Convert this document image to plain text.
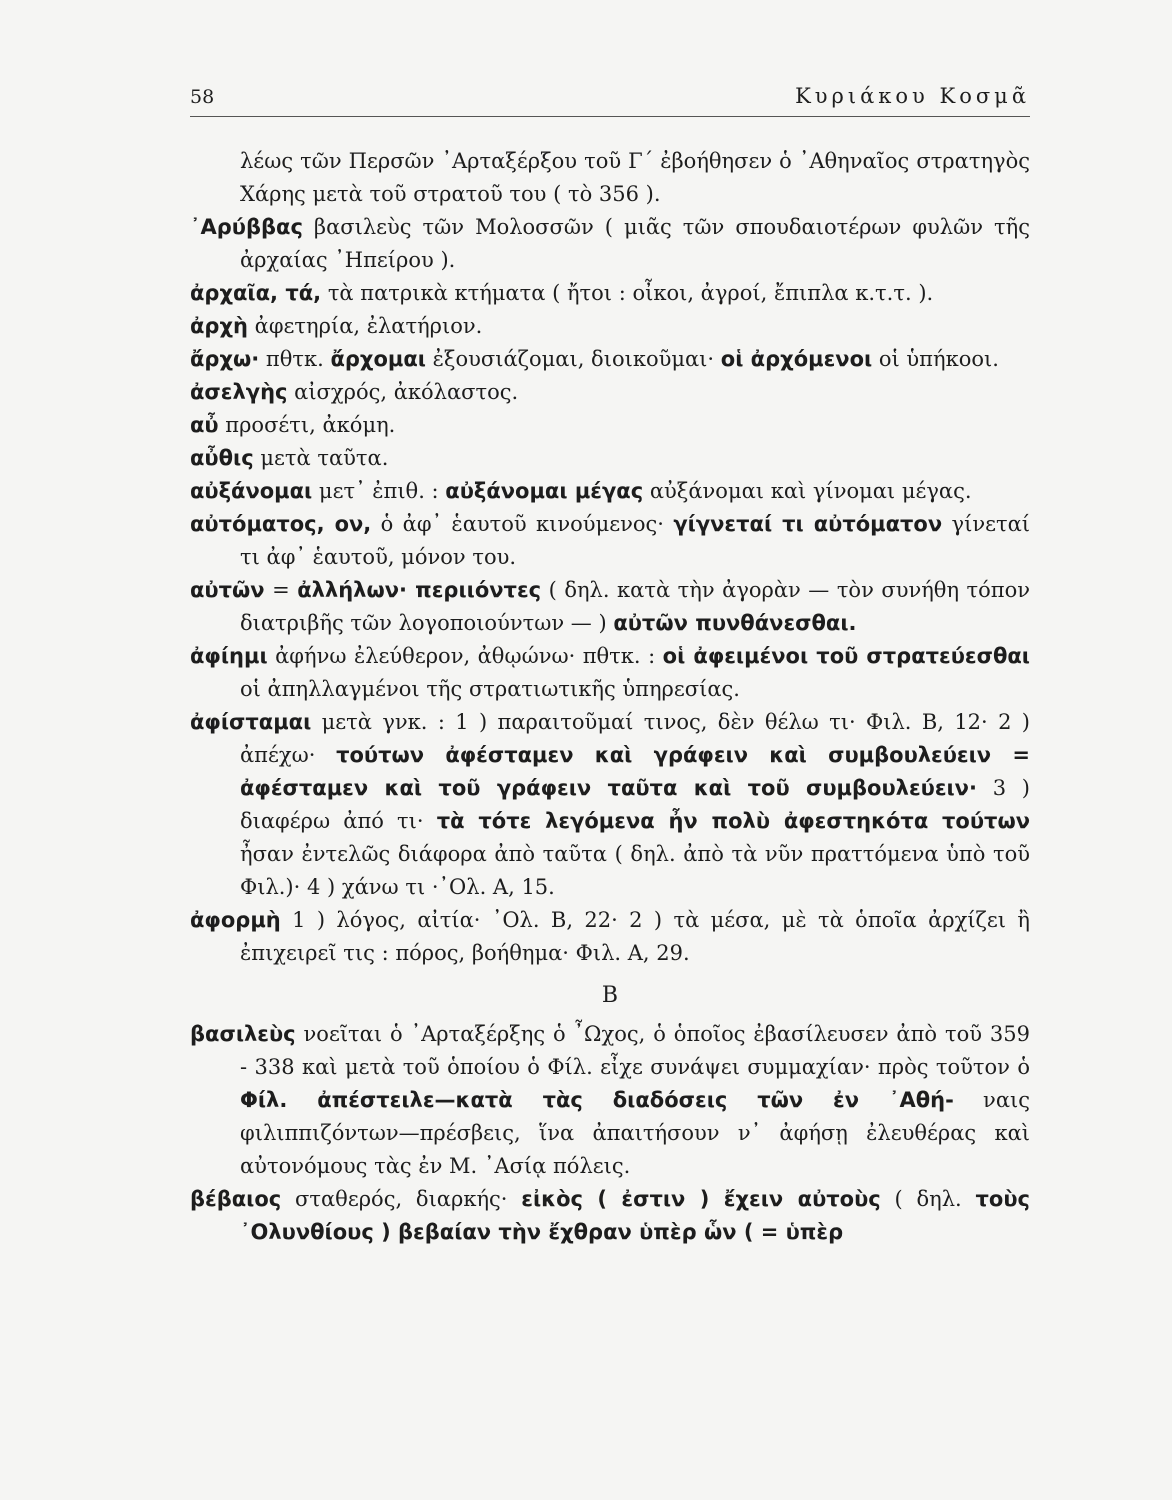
58	Κυριάκου Κοσμᾶ

λέως τῶν Περσῶν ᾿Αρταξέρξου τοῦ Γ΄ ἐβοήθησεν ὁ ᾿Αθηναῖος στρατηγὸς Χάρης μετὰ τοῦ στρατοῦ του ( τὸ 356 ).

᾿Αρύββας βασιλεὺς τῶν Μολοσσῶν ( μιᾶς τῶν σπουδαιοτέρων φυλῶν τῆς ἀρχαίας ᾿Ηπείρου ).

ἀρχαῖα, τά, τὰ πατρικὰ κτήματα ( ἤτοι : οἶκοι, ἀγροί, ἔπιπλα κ.τ.τ. ).

ἀρχὴ ἀφετηρία, ἐλατήριον.

ἄρχω· πθτκ. ἄρχομαι ἐξουσιάζομαι, διοικοῦμαι· οἱ ἀρχόμενοι οἱ ὑπήκοοι.

ἀσελγὴς αἰσχρός, ἀκόλαστος.

αὖ προσέτι, ἀκόμη.

αὖθις μετὰ ταῦτα.

αὐξάνομαι μετ᾿ ἐπιθ. : αὐξάνομαι μέγας αὐξάνομαι καὶ γίνομαι μέγας.

αὐτόματος, ον, ὁ ἀφ᾿ ἑαυτοῦ κινούμενος· γίγνεταί τι αὐτόματον γίνεταί τι ἀφ᾿ ἑαυτοῦ, μόνον του.

αὐτῶν = ἀλλήλων· περιιόντες ( δηλ. κατὰ τὴν ἀγορὰν — τὸν συνήθη τόπον διατριβῆς τῶν λογοποιούντων — ) αὐτῶν πυνθάνεσθαι.

ἀφίημι ἀφήνω ἐλεύθερον, ἀθῳώνω· πθτκ. : οἱ ἀφειμένοι τοῦ στρατεύεσθαι οἱ ἀπηλλαγμένοι τῆς στρατιωτικῆς ὑπηρεσίας.

ἀφίσταμαι μετὰ γνκ. : 1 ) παραιτοῦμαί τινος, δὲν θέλω τι· Φιλ. Β, 12· 2 ) ἀπέχω· τούτων ἀφέσταμεν καὶ γράφειν καὶ συμβουλεύειν = ἀφέσταμεν καὶ τοῦ γράφειν ταῦτα καὶ τοῦ συμβουλεύειν· 3 ) διαφέρω ἀπό τι· τὰ τότε λεγόμενα ἦν πολὺ ἀφεστηκότα τούτων ἦσαν ἐντελῶς διάφορα ἀπὸ ταῦτα ( δηλ. ἀπὸ τὰ νῦν πραττόμενα ὑπὸ τοῦ Φιλ.)· 4 ) χάνω τι ·᾿Ολ. Α, 15.

ἀφορμὴ 1 ) λόγος, αἰτία· ᾿Ολ. Β, 22· 2 ) τὰ μέσα, μὲ τὰ ὁποῖα ἀρχίζει ἢ ἐπιχειρεῖ τις : πόρος, βοήθημα· Φιλ. Α, 29.

Β

βασιλεὺς νοεῖται ὁ ᾿Αρταξέρξης ὁ ῏Ωχος, ὁ ὁποῖος ἐβασίλευσεν ἀπὸ τοῦ 359 - 338 καὶ μετὰ τοῦ ὁποίου ὁ Φίλ. εἶχε συνάψει συμμαχίαν· πρὸς τοῦτον ὁ Φίλ. ἀπέστειλε—κατὰ τὰς διαδόσεις τῶν ἐν ᾿Αθή- ναις φιλιππιζόντων—πρέσβεις, ἵνα ἀπαιτήσουν ν᾿ ἀφήσῃ ἐλευθέρας καὶ αὐτονόμους τὰς ἐν Μ. ᾿Ασίᾳ πόλεις.

βέβαιος σταθερός, διαρκής· εἰκὸς ( ἐστιν ) ἔχειν αὐτοὺς ( δηλ. τοὺς ᾿Ολυνθίους ) βεβαίαν τὴν ἔχθραν ὑπὲρ ὧν ( = ὑπὲρ
